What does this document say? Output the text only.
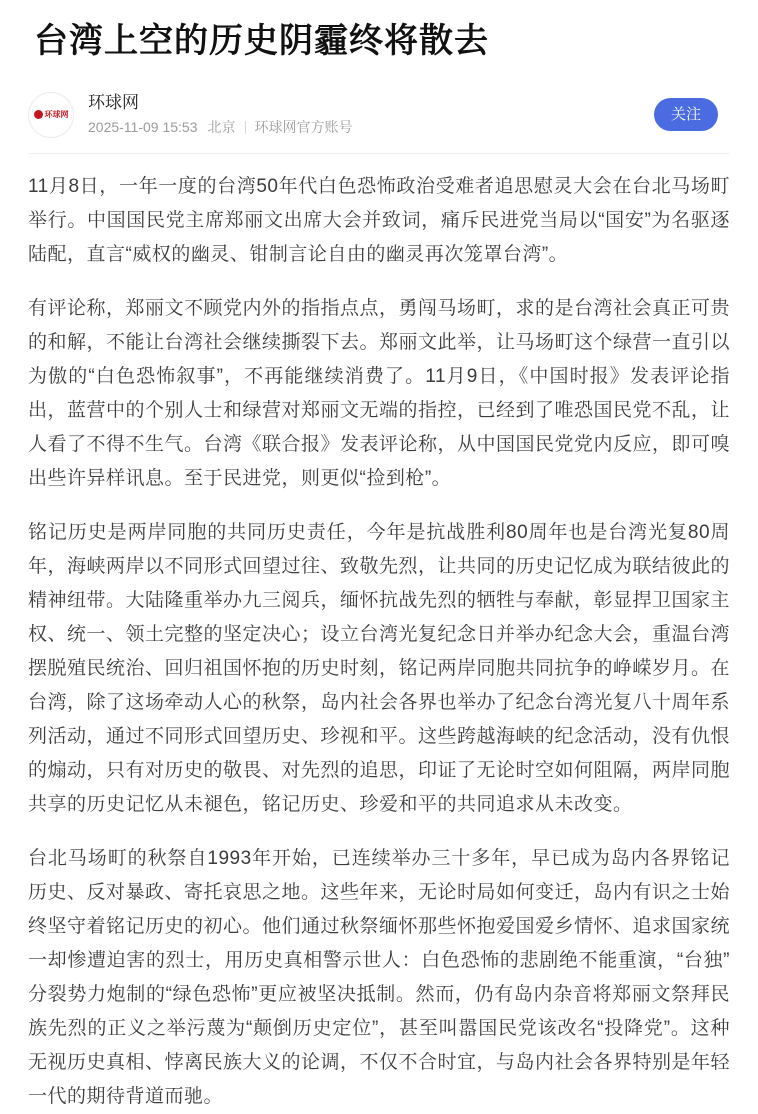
台湾上空的历史阴霾终将散去
环球网
环球网
2025-11-09 15:53 北京 环球网官方账号
关注

11月8日，一年一度的台湾50年代白色恐怖政治受难者追思慰灵大会在台北马场町举行。中国国民党主席郑丽文出席大会并致词，痛斥民进党当局以“国安”为名驱逐陆配，直言“威权的幽灵、钳制言论自由的幽灵再次笼罩台湾”。

有评论称，郑丽文不顾党内外的指指点点，勇闯马场町，求的是台湾社会真正可贵的和解，不能让台湾社会继续撕裂下去。郑丽文此举，让马场町这个绿营一直引以为傲的“白色恐怖叙事”，不再能继续消费了。11月9日，《中国时报》发表评论指出，蓝营中的个别人士和绿营对郑丽文无端的指控，已经到了唯恐国民党不乱，让人看了不得不生气。台湾《联合报》发表评论称，从中国国民党党内反应，即可嗅出些许异样讯息。至于民进党，则更似“捡到枪”。

铭记历史是两岸同胞的共同历史责任，今年是抗战胜利80周年也是台湾光复80周年，海峡两岸以不同形式回望过往、致敬先烈，让共同的历史记忆成为联结彼此的精神纽带。大陆隆重举办九三阅兵，缅怀抗战先烈的牺牲与奉献，彰显捍卫国家主权、统一、领土完整的坚定决心；设立台湾光复纪念日并举办纪念大会，重温台湾摆脱殖民统治、回归祖国怀抱的历史时刻，铭记两岸同胞共同抗争的峥嵘岁月。在台湾，除了这场牵动人心的秋祭，岛内社会各界也举办了纪念台湾光复八十周年系列活动，通过不同形式回望历史、珍视和平。这些跨越海峡的纪念活动，没有仇恨的煽动，只有对历史的敬畏、对先烈的追思，印证了无论时空如何阻隔，两岸同胞共享的历史记忆从未褪色，铭记历史、珍爱和平的共同追求从未改变。

台北马场町的秋祭自1993年开始，已连续举办三十多年，早已成为岛内各界铭记历史、反对暴政、寄托哀思之地。这些年来，无论时局如何变迁，岛内有识之士始终坚守着铭记历史的初心。他们通过秋祭缅怀那些怀抱爱国爱乡情怀、追求国家统一却惨遭迫害的烈士，用历史真相警示世人：白色恐怖的悲剧绝不能重演，“台独”分裂势力炮制的“绿色恐怖”更应被坚决抵制。然而，仍有岛内杂音将郑丽文祭拜民族先烈的正义之举污蔑为“颠倒历史定位”，甚至叫嚣国民党该改名“投降党”。这种无视历史真相、悖离民族大义的论调，不仅不合时宜，与岛内社会各界特别是年轻一代的期待背道而驰。
